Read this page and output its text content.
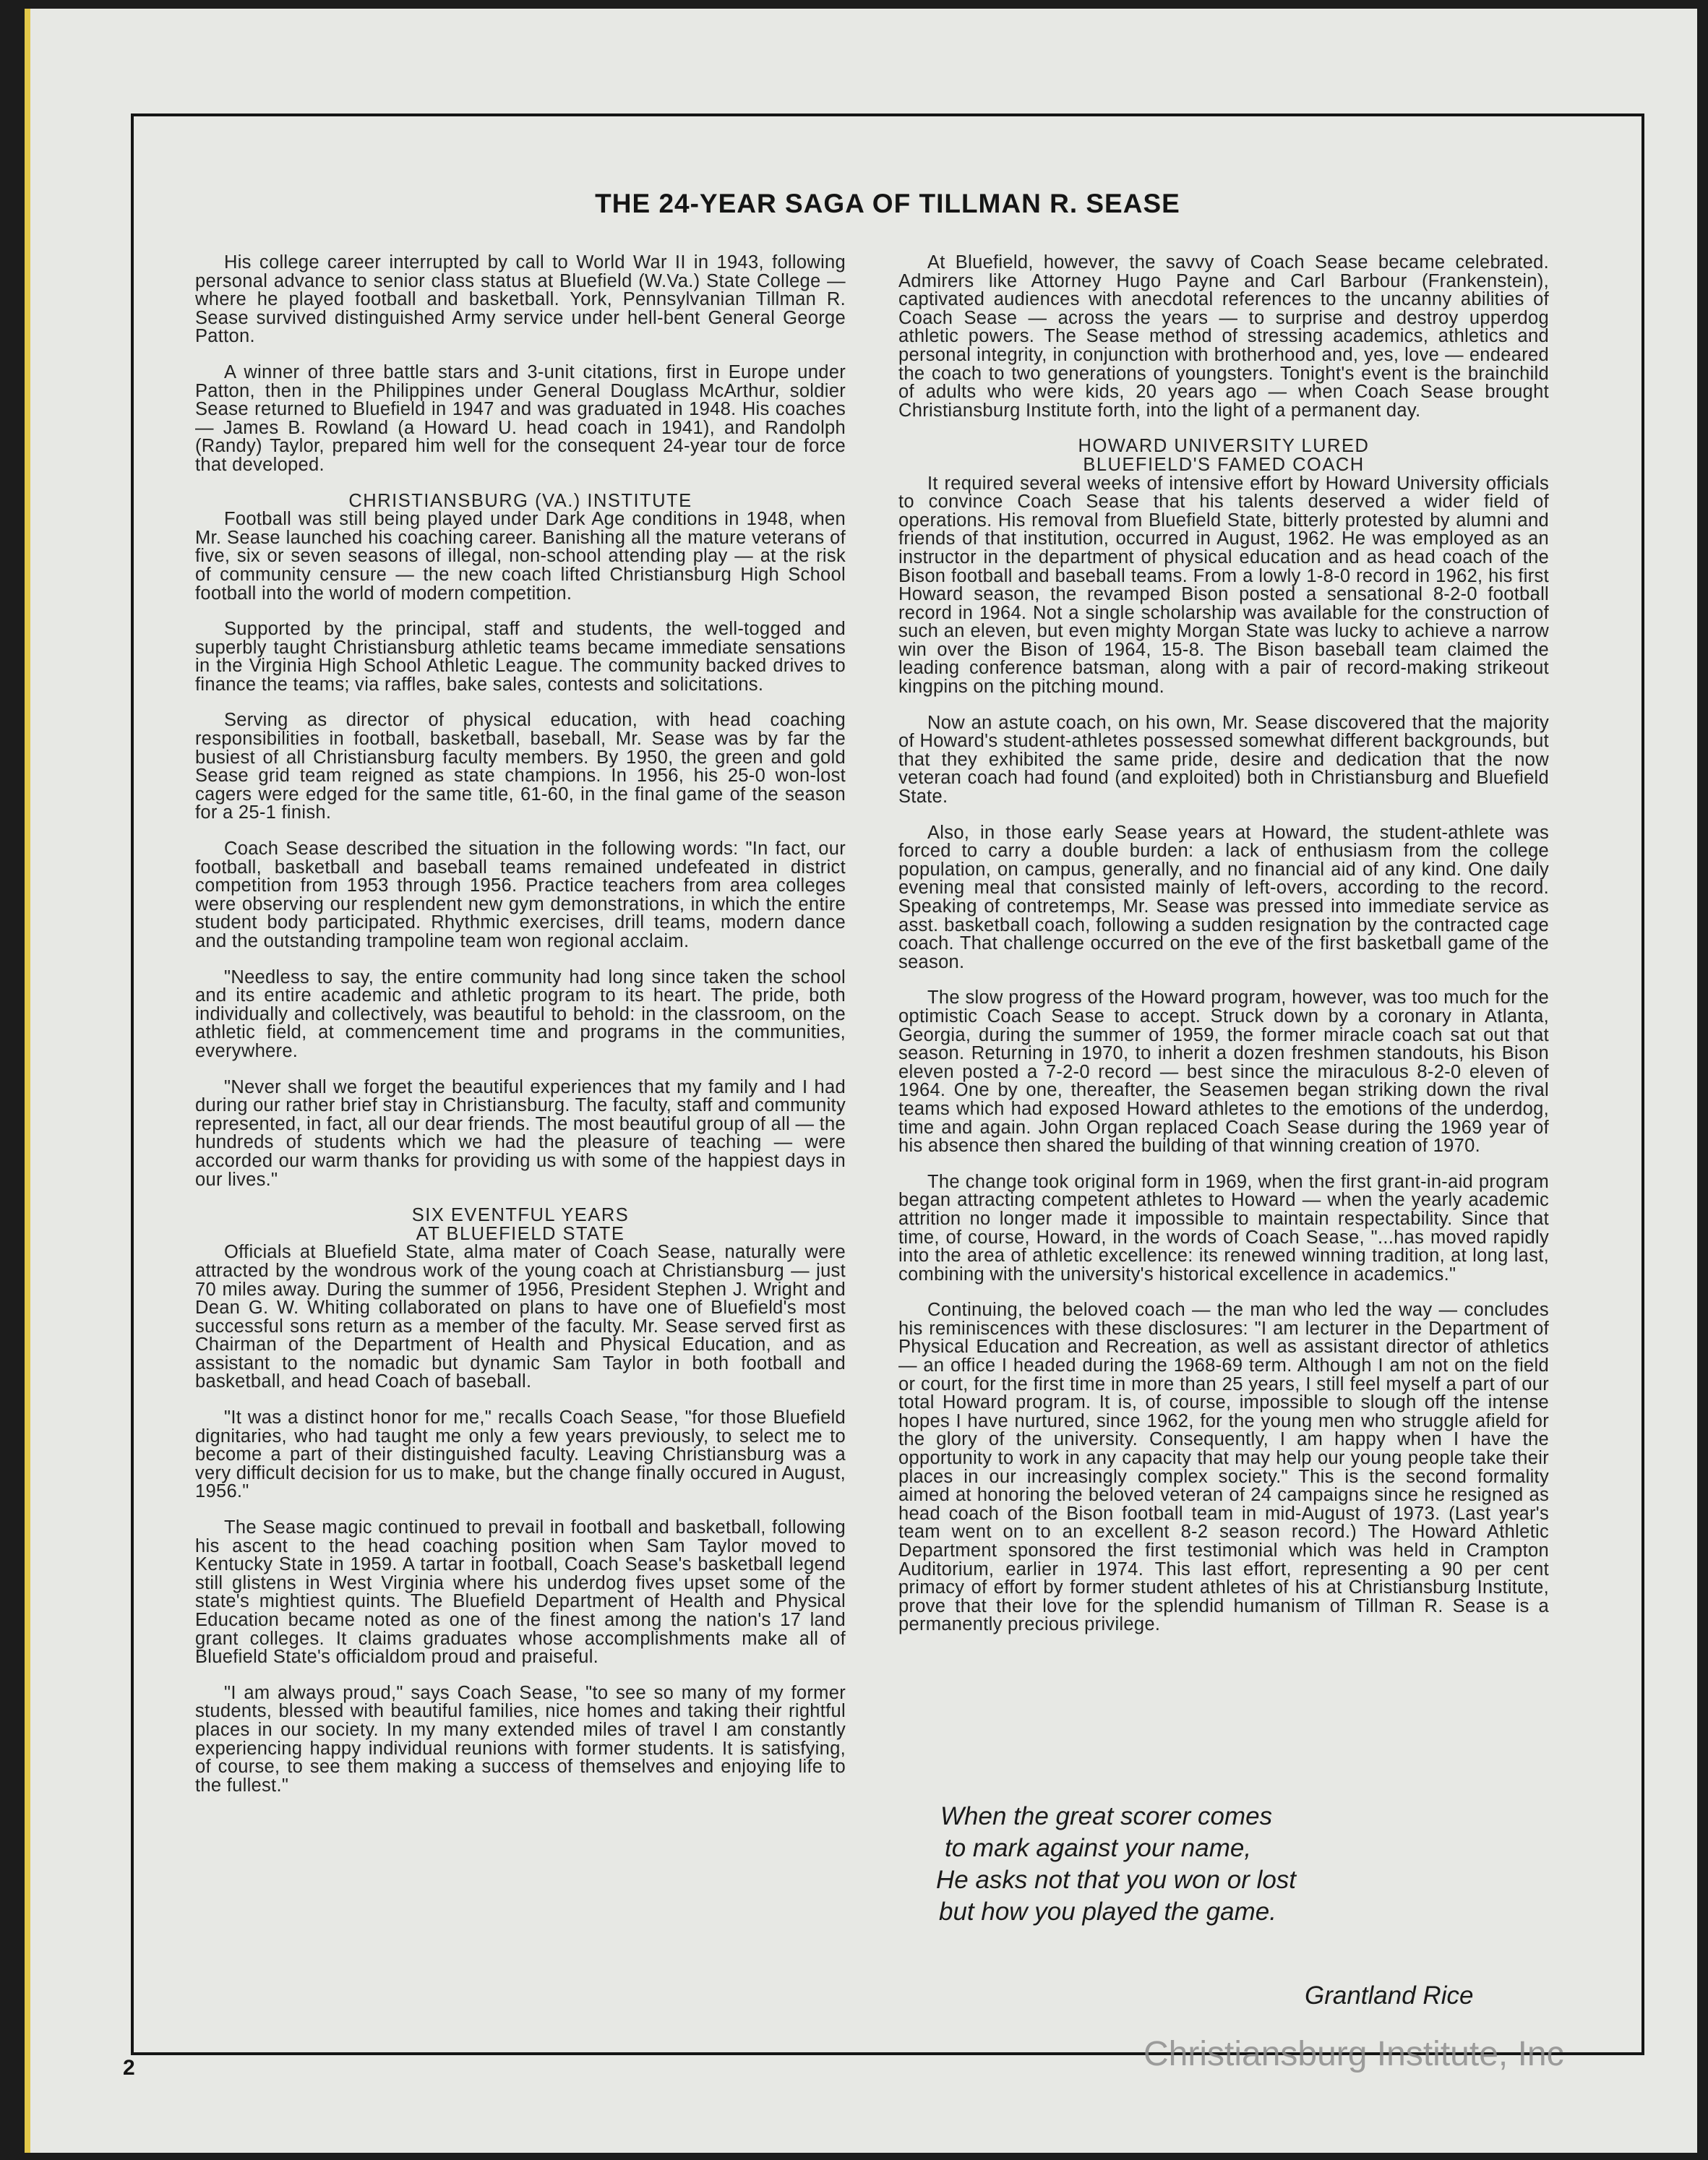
THE 24-YEAR SAGA OF TILLMAN R. SEASE

His college career interrupted by call to World War II in 1943, following personal advance to senior class status at Bluefield (W.Va.) State College — where he played football and basketball. York, Pennsylvanian Tillman R. Sease survived distinguished Army service under hell-bent General George Patton.

A winner of three battle stars and 3-unit citations, first in Europe under Patton, then in the Philippines under General Douglass McArthur, soldier Sease returned to Bluefield in 1947 and was graduated in 1948. His coaches — James B. Rowland (a Howard U. head coach in 1941), and Randolph (Randy) Taylor, prepared him well for the consequent 24-year tour de force that developed.

CHRISTIANSBURG (VA.) INSTITUTE

Football was still being played under Dark Age conditions in 1948, when Mr. Sease launched his coaching career. Banishing all the mature veterans of five, six or seven seasons of illegal, non-school attending play — at the risk of community censure — the new coach lifted Christiansburg High School football into the world of modern competition.

Supported by the principal, staff and students, the well-togged and superbly taught Christiansburg athletic teams became immediate sensations in the Virginia High School Athletic League. The community backed drives to finance the teams; via raffles, bake sales, contests and solicitations.

Serving as director of physical education, with head coaching responsibilities in football, basketball, baseball, Mr. Sease was by far the busiest of all Christiansburg faculty members. By 1950, the green and gold Sease grid team reigned as state champions. In 1956, his 25-0 won-lost cagers were edged for the same title, 61-60, in the final game of the season for a 25-1 finish.

Coach Sease described the situation in the following words: "In fact, our football, basketball and baseball teams remained undefeated in district competition from 1953 through 1956. Practice teachers from area colleges were observing our resplendent new gym demonstrations, in which the entire student body participated. Rhythmic exercises, drill teams, modern dance and the outstanding trampoline team won regional acclaim.

"Needless to say, the entire community had long since taken the school and its entire academic and athletic program to its heart. The pride, both individually and collectively, was beautiful to behold: in the classroom, on the athletic field, at commencement time and programs in the communities, everywhere.

"Never shall we forget the beautiful experiences that my family and I had during our rather brief stay in Christiansburg. The faculty, staff and community represented, in fact, all our dear friends. The most beautiful group of all — the hundreds of students which we had the pleasure of teaching — were accorded our warm thanks for providing us with some of the happiest days in our lives."

SIX EVENTFUL YEARS
AT BLUEFIELD STATE

Officials at Bluefield State, alma mater of Coach Sease, naturally were attracted by the wondrous work of the young coach at Christiansburg — just 70 miles away. During the summer of 1956, President Stephen J. Wright and Dean G. W. Whiting collaborated on plans to have one of Bluefield's most successful sons return as a member of the faculty. Mr. Sease served first as Chairman of the Department of Health and Physical Education, and as assistant to the nomadic but dynamic Sam Taylor in both football and basketball, and head Coach of baseball.

"It was a distinct honor for me," recalls Coach Sease, "for those Bluefield dignitaries, who had taught me only a few years previously, to select me to become a part of their distinguished faculty. Leaving Christiansburg was a very difficult decision for us to make, but the change finally occured in August, 1956."

The Sease magic continued to prevail in football and basketball, following his ascent to the head coaching position when Sam Taylor moved to Kentucky State in 1959. A tartar in football, Coach Sease's basketball legend still glistens in West Virginia where his underdog fives upset some of the state's mightiest quints. The Bluefield Department of Health and Physical Education became noted as one of the finest among the nation's 17 land grant colleges. It claims graduates whose accomplishments make all of Bluefield State's officialdom proud and praiseful.

"I am always proud," says Coach Sease, "to see so many of my former students, blessed with beautiful families, nice homes and taking their rightful places in our society. In my many extended miles of travel I am constantly experiencing happy individual reunions with former students. It is satisfying, of course, to see them making a success of themselves and enjoying life to the fullest."

At Bluefield, however, the savvy of Coach Sease became celebrated. Admirers like Attorney Hugo Payne and Carl Barbour (Frankenstein), captivated audiences with anecdotal references to the uncanny abilities of Coach Sease — across the years — to surprise and destroy upperdog athletic powers. The Sease method of stressing academics, athletics and personal integrity, in conjunction with brotherhood and, yes, love — endeared the coach to two generations of youngsters. Tonight's event is the brainchild of adults who were kids, 20 years ago — when Coach Sease brought Christiansburg Institute forth, into the light of a permanent day.

HOWARD UNIVERSITY LURED
BLUEFIELD'S FAMED COACH

It required several weeks of intensive effort by Howard University officials to convince Coach Sease that his talents deserved a wider field of operations. His removal from Bluefield State, bitterly protested by alumni and friends of that institution, occurred in August, 1962. He was employed as an instructor in the department of physical education and as head coach of the Bison football and baseball teams. From a lowly 1-8-0 record in 1962, his first Howard season, the revamped Bison posted a sensational 8-2-0 football record in 1964. Not a single scholarship was available for the construction of such an eleven, but even mighty Morgan State was lucky to achieve a narrow win over the Bison of 1964, 15-8. The Bison baseball team claimed the leading conference batsman, along with a pair of record-making strikeout kingpins on the pitching mound.

Now an astute coach, on his own, Mr. Sease discovered that the majority of Howard's student-athletes possessed somewhat different backgrounds, but that they exhibited the same pride, desire and dedication that the now veteran coach had found (and exploited) both in Christiansburg and Bluefield State.

Also, in those early Sease years at Howard, the student-athlete was forced to carry a double burden: a lack of enthusiasm from the college population, on campus, generally, and no financial aid of any kind. One daily evening meal that consisted mainly of left-overs, according to the record. Speaking of contretemps, Mr. Sease was pressed into immediate service as asst. basketball coach, following a sudden resignation by the contracted cage coach. That challenge occurred on the eve of the first basketball game of the season.

The slow progress of the Howard program, however, was too much for the optimistic Coach Sease to accept. Struck down by a coronary in Atlanta, Georgia, during the summer of 1959, the former miracle coach sat out that season. Returning in 1970, to inherit a dozen freshmen standouts, his Bison eleven posted a 7-2-0 record — best since the miraculous 8-2-0 eleven of 1964. One by one, thereafter, the Seasemen began striking down the rival teams which had exposed Howard athletes to the emotions of the underdog, time and again. John Organ replaced Coach Sease during the 1969 year of his absence then shared the building of that winning creation of 1970.

The change took original form in 1969, when the first grant-in-aid program began attracting competent athletes to Howard — when the yearly academic attrition no longer made it impossible to maintain respectability. Since that time, of course, Howard, in the words of Coach Sease, "...has moved rapidly into the area of athletic excellence: its renewed winning tradition, at long last, combining with the university's historical excellence in academics."

Continuing, the beloved coach — the man who led the way — concludes his reminiscences with these disclosures: "I am lecturer in the Department of Physical Education and Recreation, as well as assistant director of athletics — an office I headed during the 1968-69 term. Although I am not on the field or court, for the first time in more than 25 years, I still feel myself a part of our total Howard program. It is, of course, impossible to slough off the intense hopes I have nurtured, since 1962, for the young men who struggle afield for the glory of the university. Consequently, I am happy when I have the opportunity to work in any capacity that may help our young people take their places in our increasingly complex society." This is the second formality aimed at honoring the beloved veteran of 24 campaigns since he resigned as head coach of the Bison football team in mid-August of 1973. (Last year's team went on to an excellent 8-2 season record.) The Howard Athletic Department sponsored the first testimonial which was held in Crampton Auditorium, earlier in 1974. This last effort, representing a 90 per cent primacy of effort by former student athletes of his at Christiansburg Institute, prove that their love for the splendid humanism of Tillman R. Sease is a permanently precious privilege.

When the great scorer comes
to mark against your name,
He asks not that you won or lost
but how you played the game.
Grantland Rice
2	Christiansburg Institute, Inc
